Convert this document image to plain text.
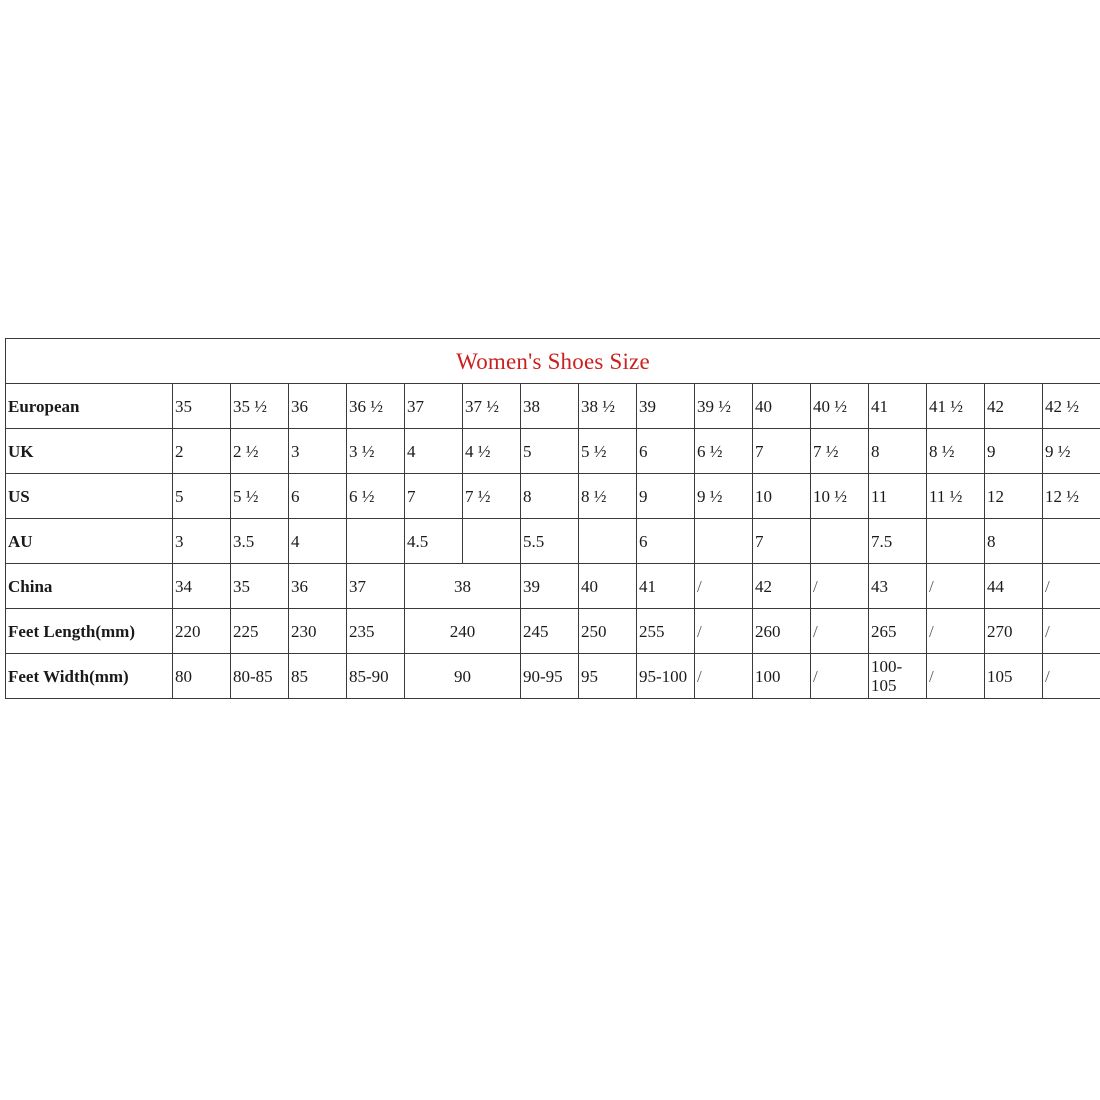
Women's Shoes Size																
European	35	35 ½	36	36 ½	37	37 ½	38	38 ½	39	39 ½	40	40 ½	41	41 ½	42	42 ½
UK	2	2 ½	3	3 ½	4	4 ½	5	5 ½	6	6 ½	7	7 ½	8	8 ½	9	9 ½
US	5	5 ½	6	6 ½	7	7 ½	8	8 ½	9	9 ½	10	10 ½	11	11 ½	12	12 ½
AU	3	3.5	4		4.5		5.5		6		7		7.5		8	
China	34	35	36	37	38		39	40	41	/	42	/	43	/	44	/
Feet Length(mm)	220	225	230	235	240		245	250	255	/	260	/	265	/	270	/
Feet Width(mm)	80	80-85	85	85-90	90		90-95	95	95-100	/	100	/	100-105	/	105	/
